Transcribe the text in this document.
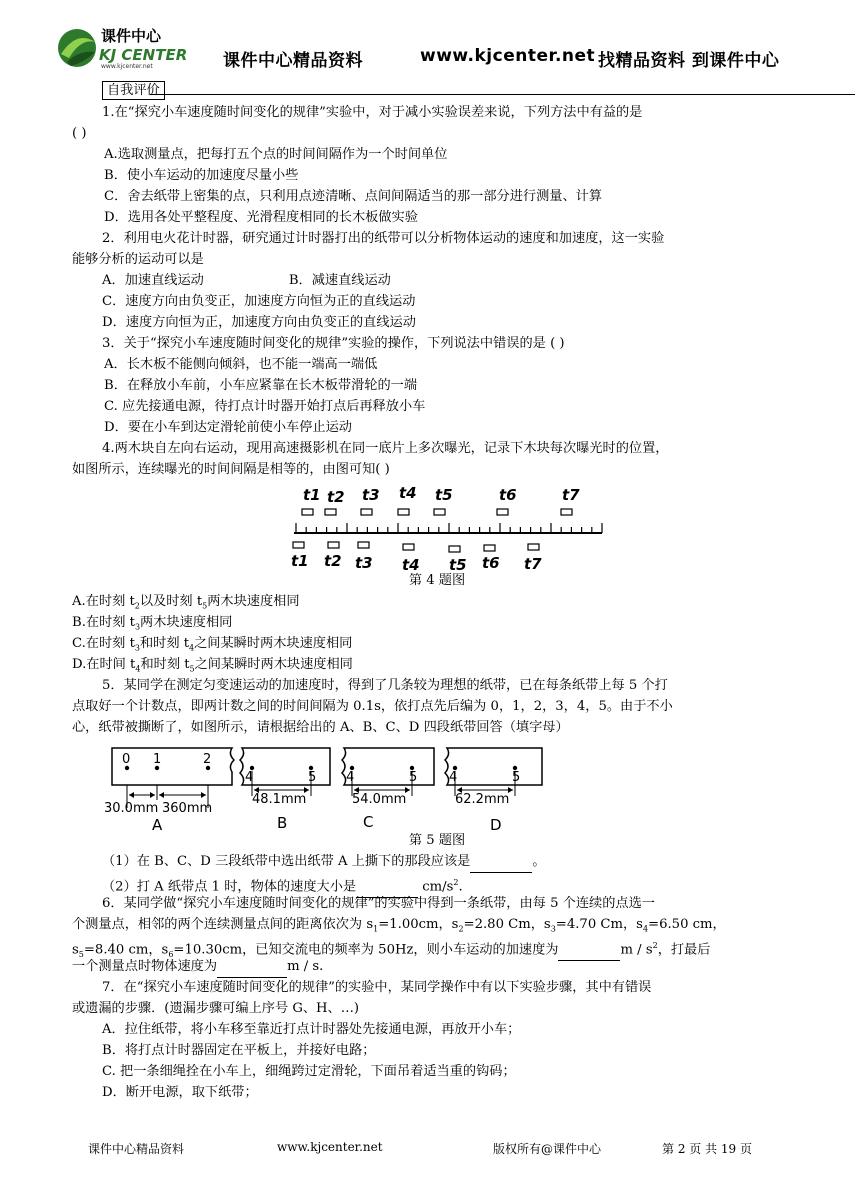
课件中心
KJ CENTER
www.kjcenter.net	课件中心精品资料	www.kjcenter.net 找精品资料 到课件中心
自我评价
1.在“探究小车速度随时间变化的规律”实验中，对于减小实验误差来说，下列方法中有益的是
( )
A.选取测量点，把每打五个点的时间间隔作为一个时间单位
B．使小车运动的加速度尽量小些
C．舍去纸带上密集的点，只利用点迹清晰、点间间隔适当的那一部分进行测量、计算
D．选用各处平整程度、光滑程度相同的长木板做实验
2．利用电火花计时器，研究通过计时器打出的纸带可以分析物体运动的速度和加速度，这一实验
能够分析的运动可以是
A．加速直线运动	B．减速直线运动
C．速度方向由负变正，加速度方向恒为正的直线运动
D．速度方向恒为正，加速度方向由负变正的直线运动
3．关于“探究小车速度随时间变化的规律”实验的操作，下列说法中错误的是 ( )
A．长木板不能侧向倾斜，也不能一端高一端低
B．在释放小车前，小车应紧靠在长木板带滑轮的一端
C. 应先接通电源，待打点计时器开始打点后再释放小车
D．要在小车到达定滑轮前使小车停止运动
4.两木块自左向右运动，现用高速摄影机在同一底片上多次曝光，记录下木块每次曝光时的位置，
如图所示，连续曝光的时间间隔是相等的，由图可知( )
t1 t2 t3 t4 t5	t6	t7
t1 t2 t3 t4 t5 t6 t7
第 4 题图
A.在时刻 $t_2$以及时刻 $t_5$两木块速度相同
B.在时刻 $t_3$两木块速度相同
C.在时刻 $t_3$和时刻 $t_4$之间某瞬时两木块速度相同
D.在时间 $t_4$和时刻 $t_5$之间某瞬时两木块速度相同
5．某同学在测定匀变速运动的加速度时，得到了几条较为理想的纸带，已在每条纸带上每 5 个打
点取好一个计数点，即两计数之间的时间间隔为 0.1s，依打点先后编为 0，1，2，3，4，5。由于不小
心，纸带被撕断了，如图所示，请根据给出的 A、B、C、D 四段纸带回答（填字母）
0 1	2
30.0mm 360mm
A
4	5
48.1mm
B
4	5
54.0mm
C
4	5
62.2mm
D
第 5 题图
（1）在 B、C、D 三段纸带中选出纸带 A 上撕下的那段应该是	。
（2）打 A 纸带点 1 时，物体的速度大小是	$cm/s^2$.
6．某同学做“探究小车速度随时间变化的规律”的实验中得到一条纸带，由每 5 个连续的点选一
个测量点，相邻的两个连续测量点间的距离依次为 $s_1=1.00cm$，$s_2=2.80$ Cm，$s_3=4.70$ Cm，$s_4=6.50$ cm，
$s_5=8.40$ cm，$s_6=10.30cm$，已知交流电的频率为 50Hz，则小车运动的加速度为	m / $s^2$，打最后
一个测量点时物体速度为	m / s.
7．在“探究小车速度随时间变化的规律”的实验中，某同学操作中有以下实验步骤，其中有错误
或遗漏的步骤．(遗漏步骤可编上序号 G、H、…)
A．拉住纸带，将小车移至靠近打点计时器处先接通电源，再放开小车；
B．将打点计时器固定在平板上，并接好电路；
C. 把一条细绳拴在小车上，细绳跨过定滑轮，下面吊着适当重的钩码；
D．断开电源，取下纸带；
课件中心精品资料	www.kjcenter.net	版权所有@课件中心	第 2 页 共 19 页
